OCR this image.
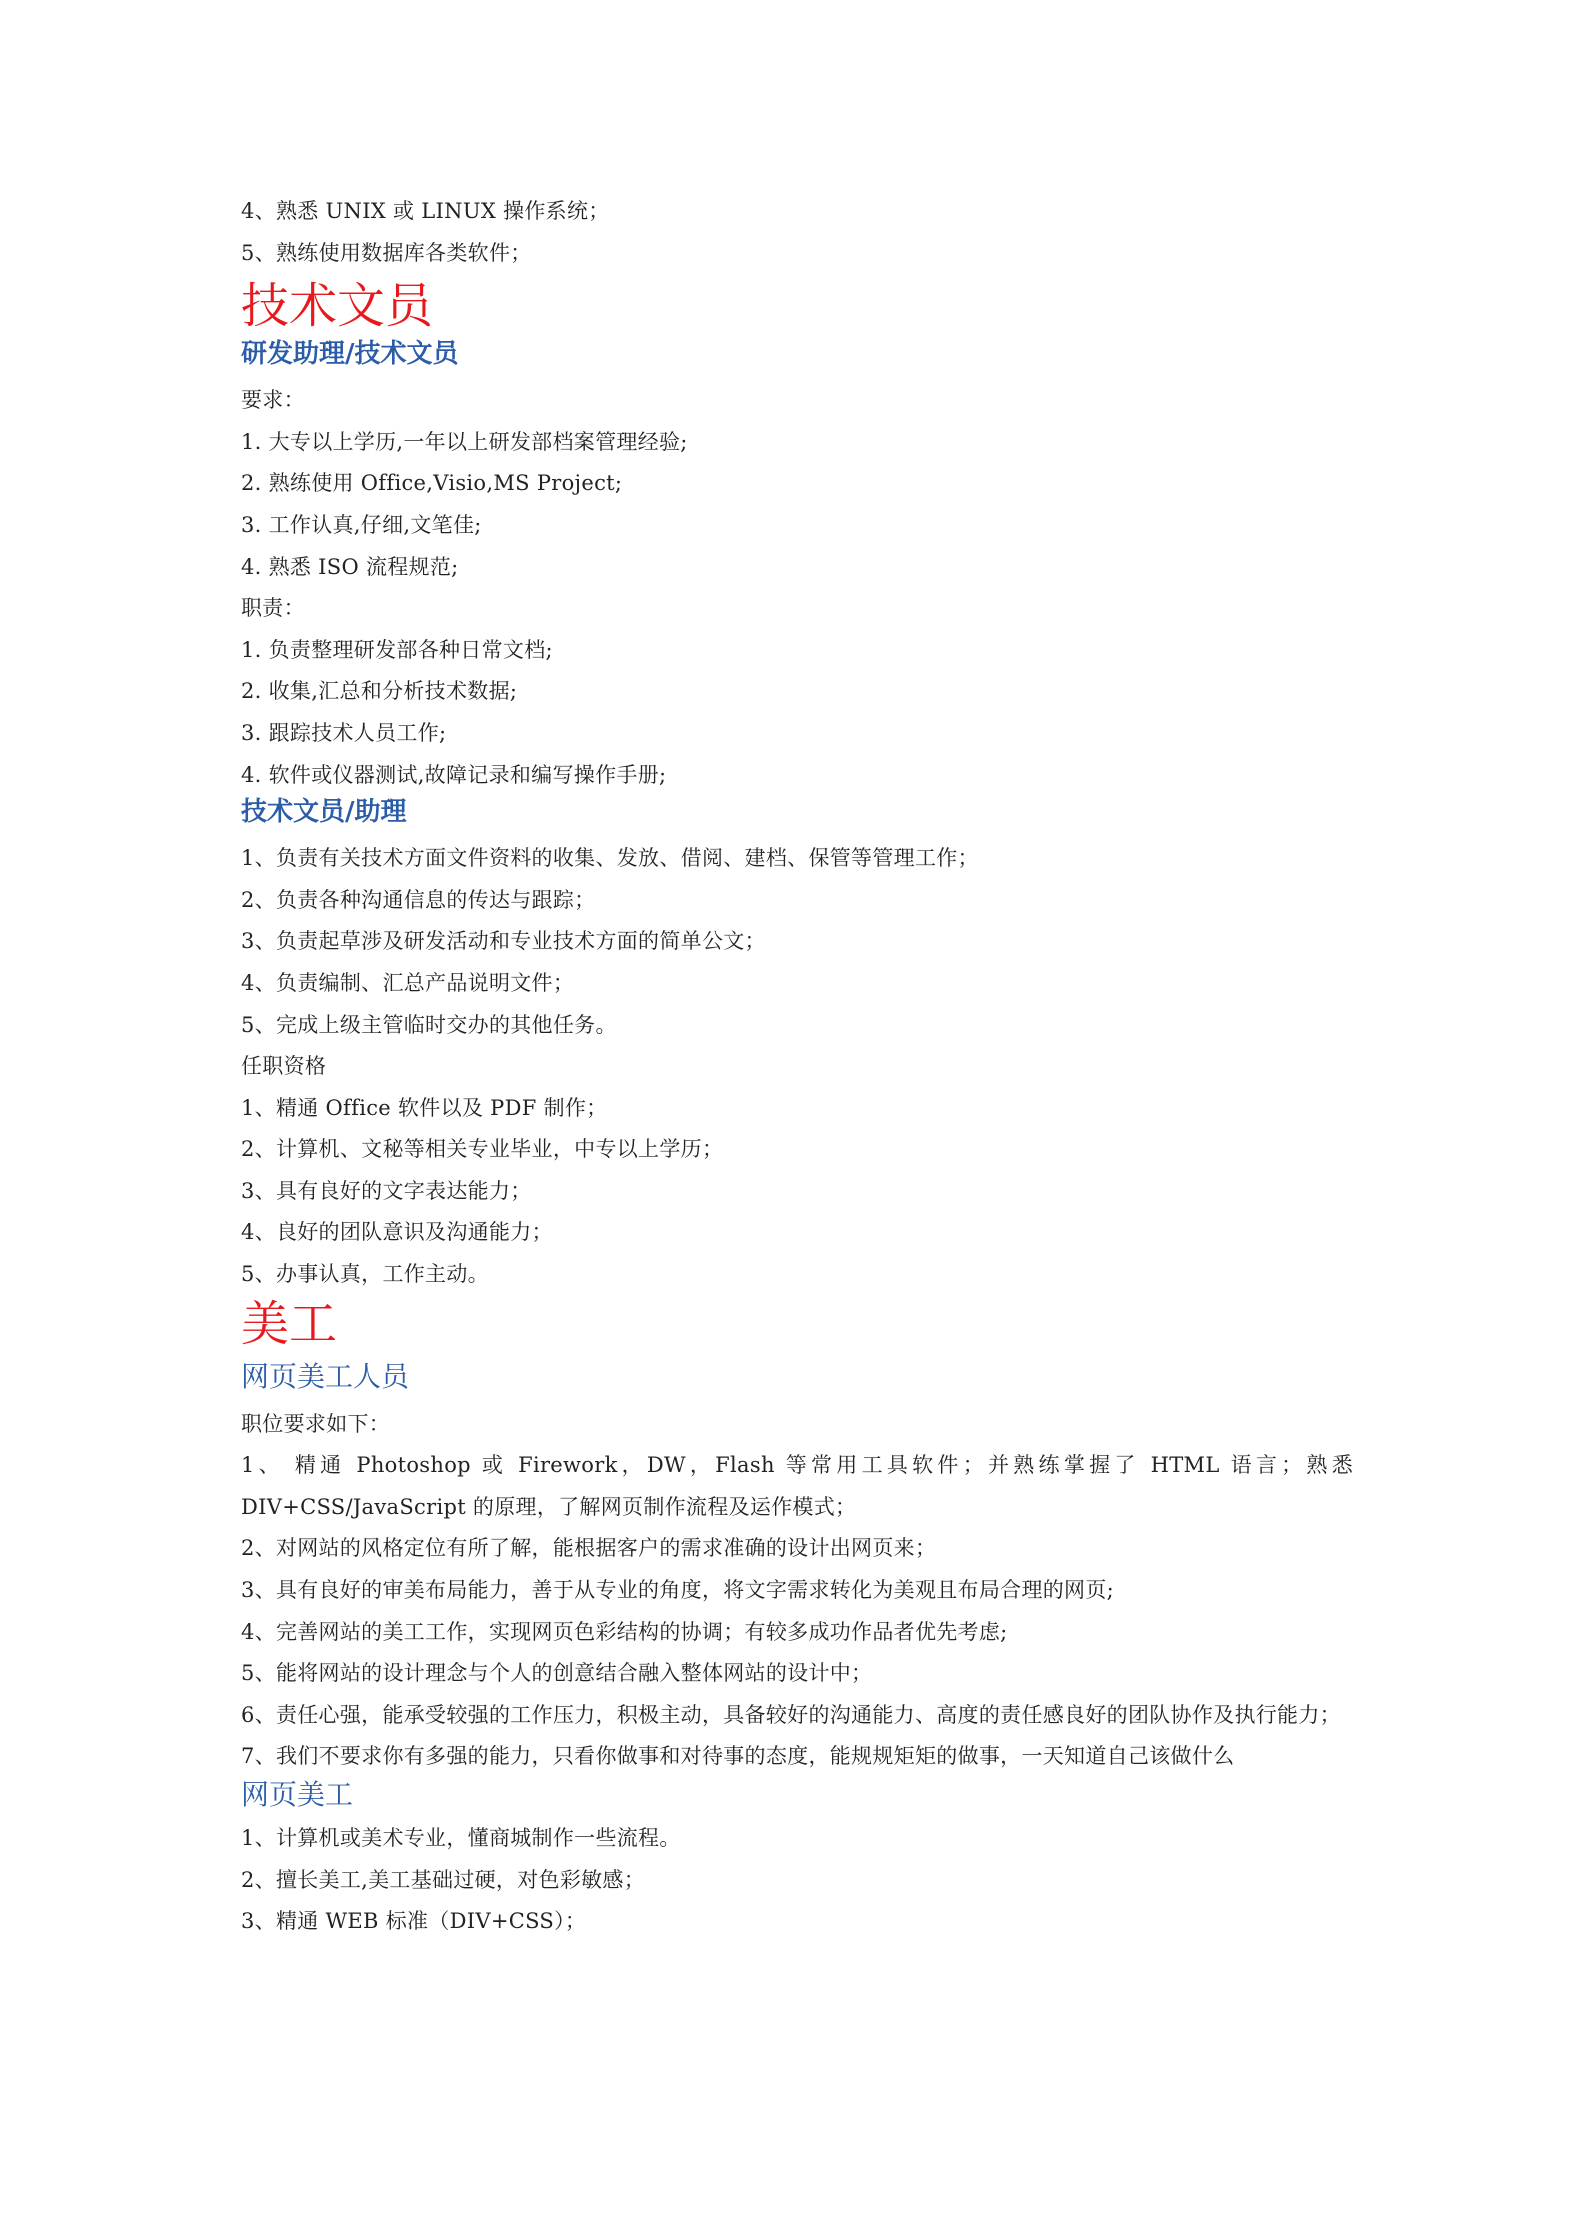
4、熟悉 UNIX 或 LINUX 操作系统；
5、熟练使用数据库各类软件；
技术文员
研发助理/技术文员
要求：
1. 大专以上学历,一年以上研发部档案管理经验;
2. 熟练使用 Office,Visio,MS Project;
3. 工作认真,仔细,文笔佳;
4. 熟悉 ISO 流程规范;
职责：
1. 负责整理研发部各种日常文档;
2. 收集,汇总和分析技术数据;
3. 跟踪技术人员工作;
4. 软件或仪器测试,故障记录和编写操作手册;
技术文员/助理
1、负责有关技术方面文件资料的收集、发放、借阅、建档、保管等管理工作；
2、负责各种沟通信息的传达与跟踪；
3、负责起草涉及研发活动和专业技术方面的简单公文；
4、负责编制、汇总产品说明文件；
5、完成上级主管临时交办的其他任务。
任职资格
1、精通 Office 软件以及 PDF 制作；
2、计算机、文秘等相关专业毕业，中专以上学历；
3、具有良好的文字表达能力；
4、良好的团队意识及沟通能力；
5、办事认真，工作主动。
美工
网页美工人员
职位要求如下：
1、 精通 Photoshop 或 Firework，DW，Flash 等常用工具软件；并熟练掌握了 HTML 语言；熟悉 DIV+CSS/JavaScript 的原理，了解网页制作流程及运作模式；
2、对网站的风格定位有所了解，能根据客户的需求准确的设计出网页来；
3、具有良好的审美布局能力，善于从专业的角度，将文字需求转化为美观且布局合理的网页;
4、完善网站的美工工作，实现网页色彩结构的协调；有较多成功作品者优先考虑;
5、能将网站的设计理念与个人的创意结合融入整体网站的设计中；
6、责任心强，能承受较强的工作压力，积极主动，具备较好的沟通能力、高度的责任感良好的团队协作及执行能力；
7、我们不要求你有多强的能力，只看你做事和对待事的态度，能规规矩矩的做事，一天知道自己该做什么
网页美工
1、计算机或美术专业，懂商城制作一些流程。
2、擅长美工,美工基础过硬，对色彩敏感；
3、精通 WEB 标准（DIV+CSS）；
